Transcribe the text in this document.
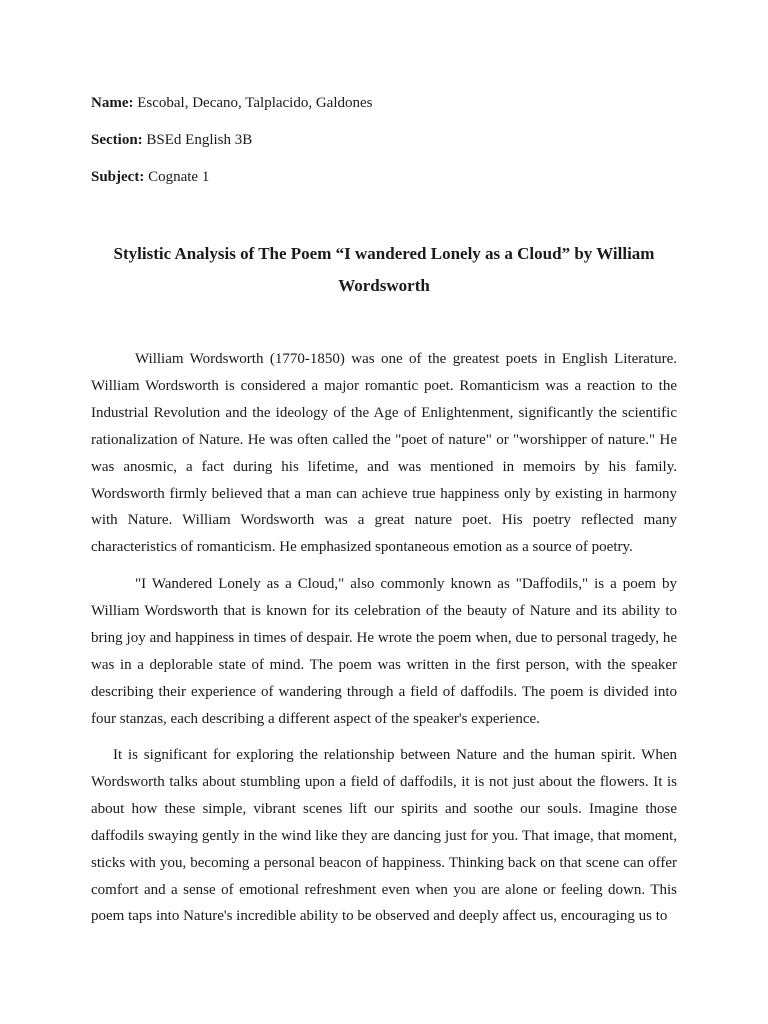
Name: Escobal, Decano, Talplacido, Galdones
Section: BSEd English 3B
Subject: Cognate 1
Stylistic Analysis of The Poem “I wandered Lonely as a Cloud” by William Wordsworth

William Wordsworth (1770-1850) was one of the greatest poets in English Literature. William Wordsworth is considered a major romantic poet. Romanticism was a reaction to the Industrial Revolution and the ideology of the Age of Enlightenment, significantly the scientific rationalization of Nature. He was often called the "poet of nature" or "worshipper of nature." He was anosmic, a fact during his lifetime, and was mentioned in memoirs by his family. Wordsworth firmly believed that a man can achieve true happiness only by existing in harmony with Nature. William Wordsworth was a great nature poet. His poetry reflected many characteristics of romanticism. He emphasized spontaneous emotion as a source of poetry.

"I Wandered Lonely as a Cloud," also commonly known as "Daffodils," is a poem by William Wordsworth that is known for its celebration of the beauty of Nature and its ability to bring joy and happiness in times of despair. He wrote the poem when, due to personal tragedy, he was in a deplorable state of mind. The poem was written in the first person, with the speaker describing their experience of wandering through a field of daffodils. The poem is divided into four stanzas, each describing a different aspect of the speaker's experience.

It is significant for exploring the relationship between Nature and the human spirit. When Wordsworth talks about stumbling upon a field of daffodils, it is not just about the flowers. It is about how these simple, vibrant scenes lift our spirits and soothe our souls. Imagine those daffodils swaying gently in the wind like they are dancing just for you. That image, that moment, sticks with you, becoming a personal beacon of happiness. Thinking back on that scene can offer comfort and a sense of emotional refreshment even when you are alone or feeling down. This poem taps into Nature's incredible ability to be observed and deeply affect us, encouraging us to
